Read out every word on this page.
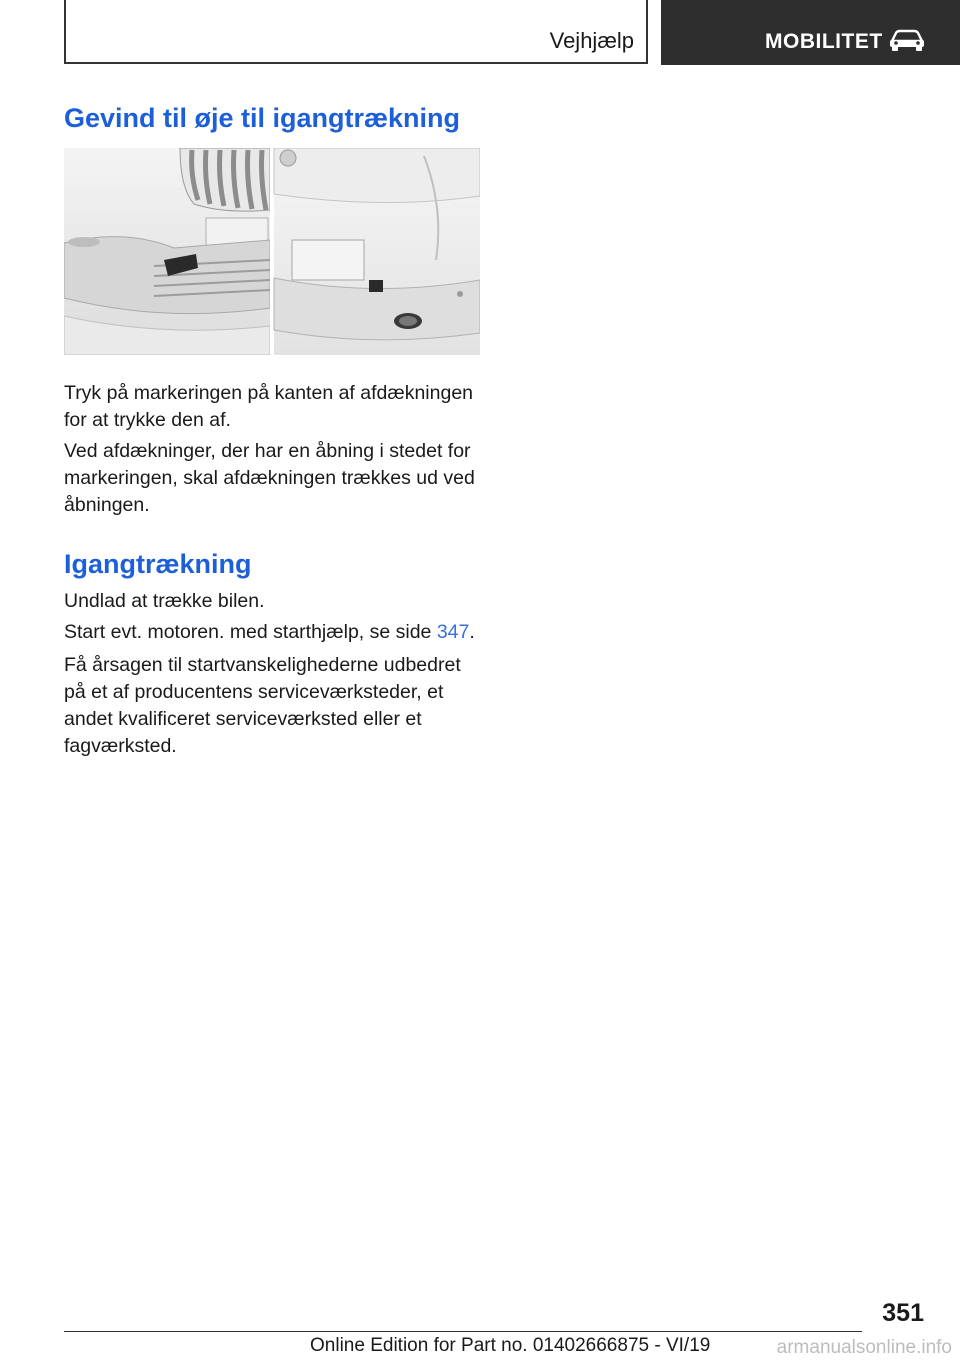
Vejhjælp	MOBILITET
Gevind til øje til igangtrækning

Tryk på markeringen på kanten af afdækningen for at trykke den af.

Ved afdækninger, der har en åbning i stedet for markeringen, skal afdækningen trækkes ud ved åbningen.

Igangtrækning

Undlad at trække bilen.

Start evt. motoren. med starthjælp, se side 347.

Få årsagen til startvanskelighederne udbedret på et af producentens serviceværksteder, et andet kvalificeret serviceværksted eller et fagværksted.

351
Online Edition for Part no. 01402666875 - VI/19	armanualsonline.info
